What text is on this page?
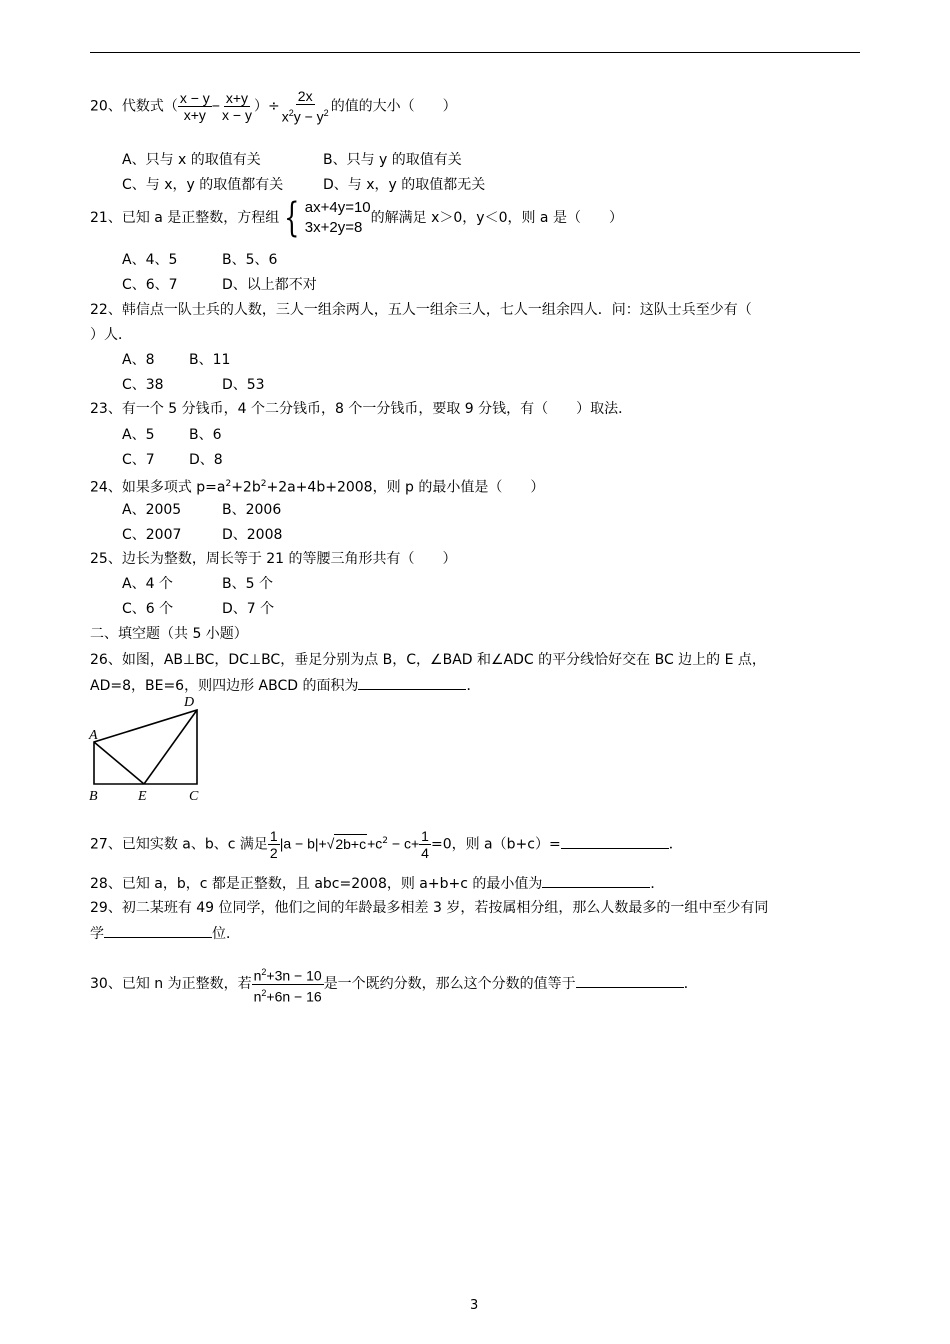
20、代数式（ $\frac{x - y}{x+y} - \frac{x+y}{x - y}$ ）÷ $\frac{2x}{x^2y - y^2}$ 的值的大小（　　）
A、只与 x 的取值有关	B、只与 y 的取值有关
C、与 x，y 的取值都有关	D、与 x，y 的取值都无关
21、已知 a 是正整数，方程组 { ax+4y=10
3x+2y=8
的解满足 x＞0，y＜0，则 a 是（　　）
A、4、5	B、5、6
C、6、7	D、以上都不对
22、韩信点一队士兵的人数，三人一组余两人，五人一组余三人，七人一组余四人．问：这队士兵至少有（
）人．
A、8 B、11
C、38	D、53
23、有一个 5 分钱币，4 个二分钱币，8 个一分钱币，要取 9 分钱，有（　　）取法．
A、5 B、6
C、7 D、8
24、如果多项式 $p=a^2+2b^2+2a+4b+2008$，则 p 的最小值是（　　）
A、2005	B、2006
C、2007	D、2008
25、边长为整数，周长等于 21 的等腰三角形共有（　　）
A、4 个	B、5 个
C、6 个	D、7 个
二、填空题（共 5 小题）
26、如图，AB⊥BC，DC⊥BC，垂足分别为点 B，C，∠BAD 和∠ADC 的平分线恰好交在 BC 边上的 E 点，
AD=8，BE=6，则四边形 ABCD 的面积为	．
A
D
B	E	C
27、已知实数 a、b、c 满足 $\frac{1}{2} |a - b|+√2b+c+c^2 - c+ \frac{1}{4} =0$，则 a（b+c）=	．
28、已知 a，b，c 都是正整数，且 abc=2008，则 a+b+c 的最小值为	．
29、初二某班有 49 位同学，他们之间的年龄最多相差 3 岁，若按属相分组，那么人数最多的一组中至少有同
学	位．
30、已知 n 为正整数，若 $\frac{n^2+3n - 10}{n^2+6n - 16}$ 是一个既约分数，那么这个分数的值等于	．
3
